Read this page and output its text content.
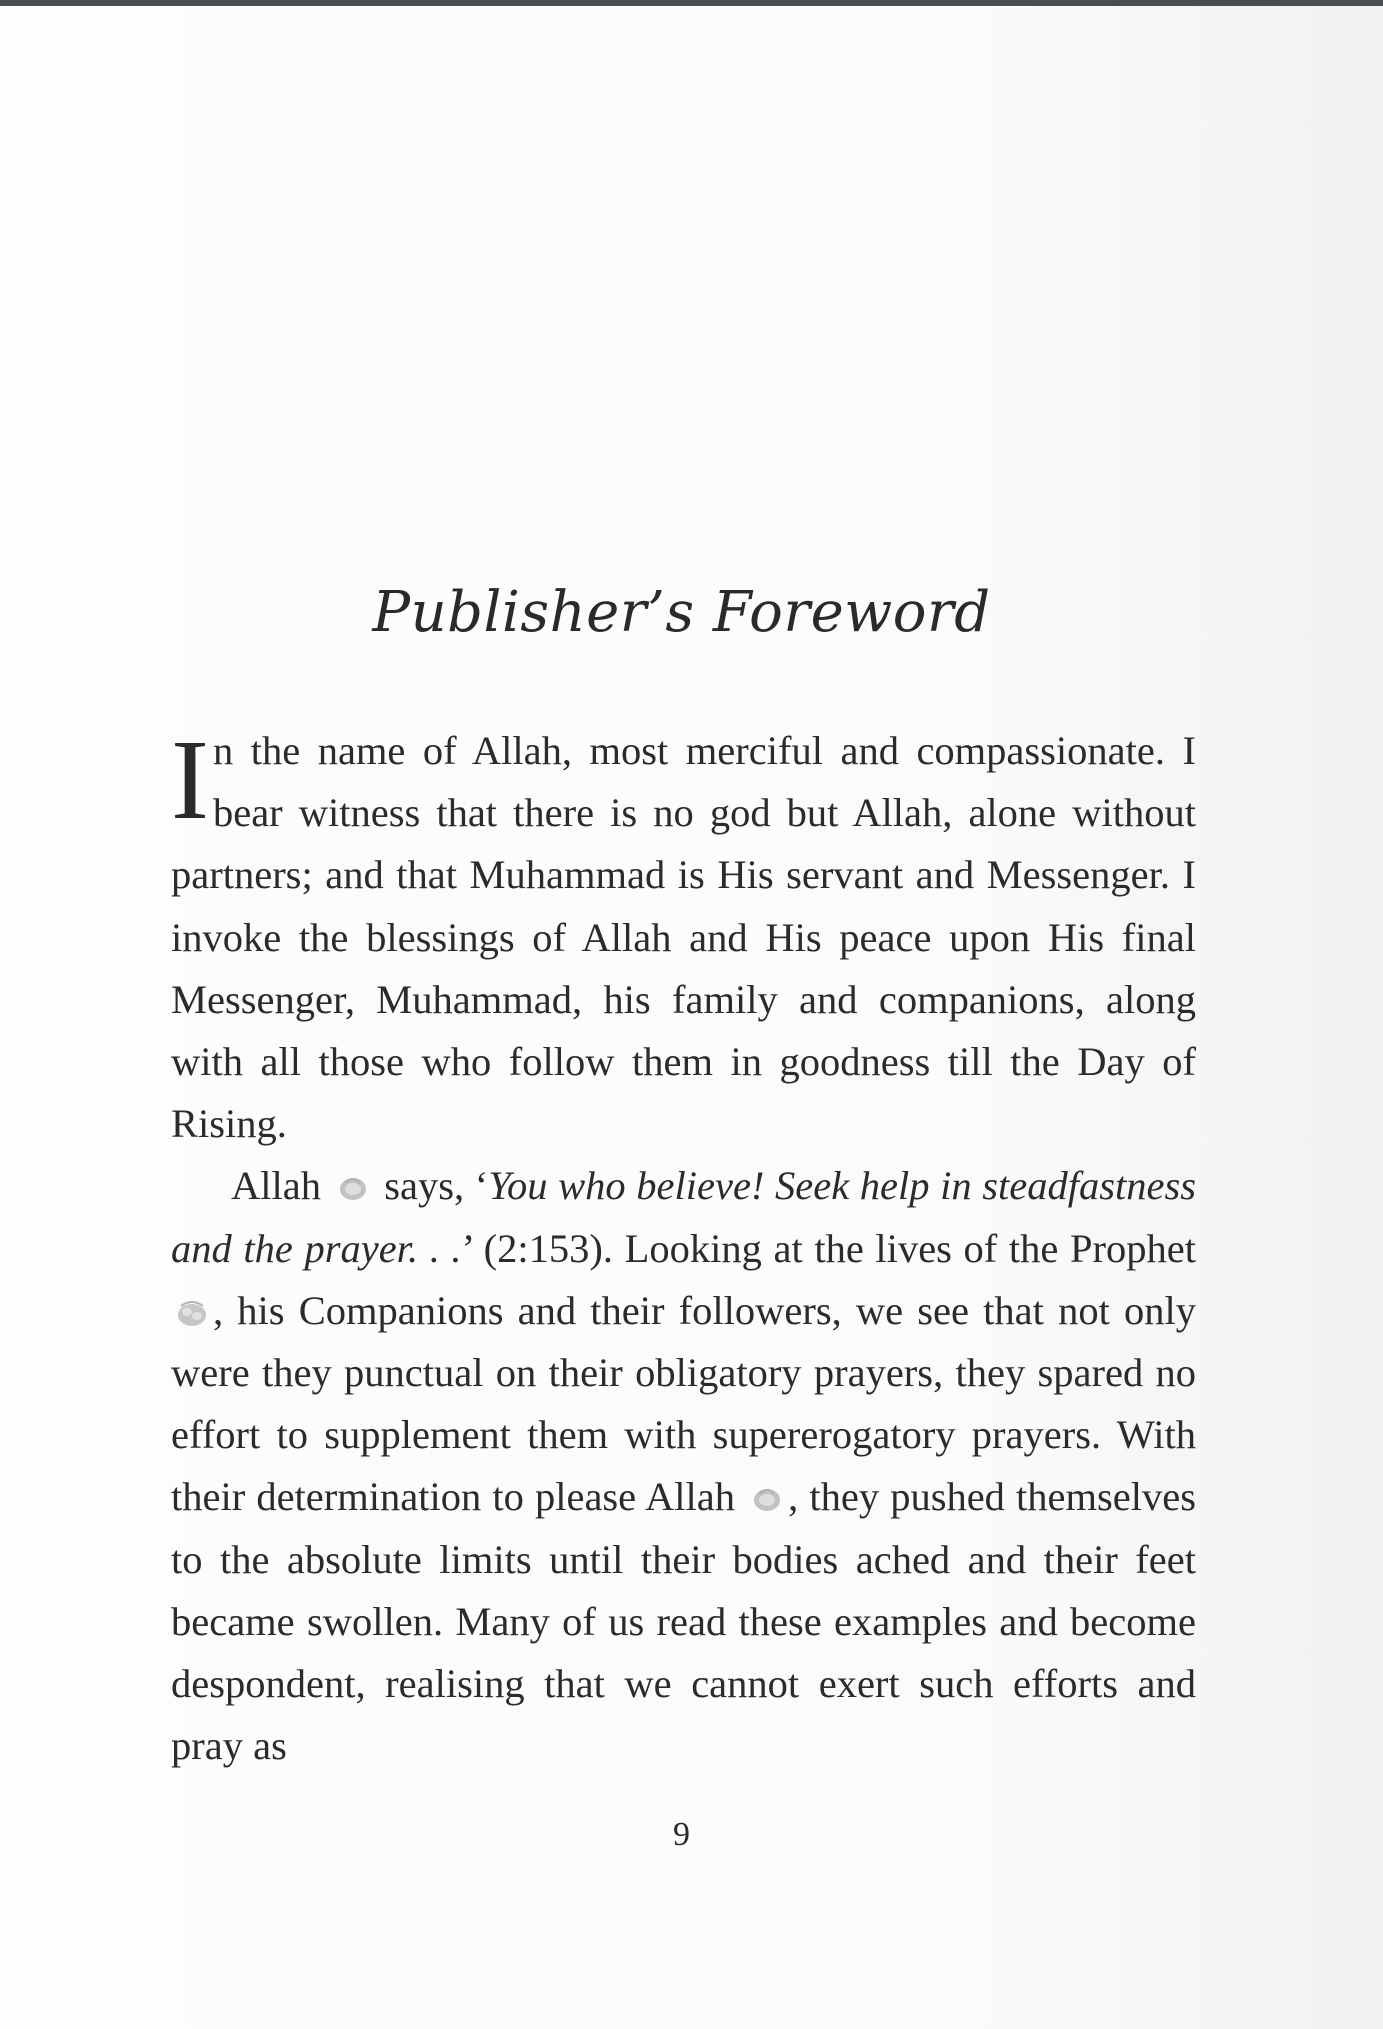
Publisher’s Foreword

In the name of Allah, most merciful and compassionate. I bear witness that there is no god but Allah, alone without partners; and that Muhammad is His servant and Messenger. I invoke the blessings of Allah and His peace upon His final Messenger, Muhammad, his family and companions, along with all those who follow them in goodness till the Day of Rising.

Allah says, ‘You who believe! Seek help in steadfastness and the prayer. . .’ (2:153). Looking at the lives of the Prophet , his Companions and their followers, we see that not only were they punctual on their obligatory prayers, they spared no effort to supplement them with supererogatory prayers. With their determination to please Allah , they pushed themselves to the absolute limits until their bodies ached and their feet became swollen. Many of us read these examples and become despondent, realising that we cannot exert such efforts and pray as

9
